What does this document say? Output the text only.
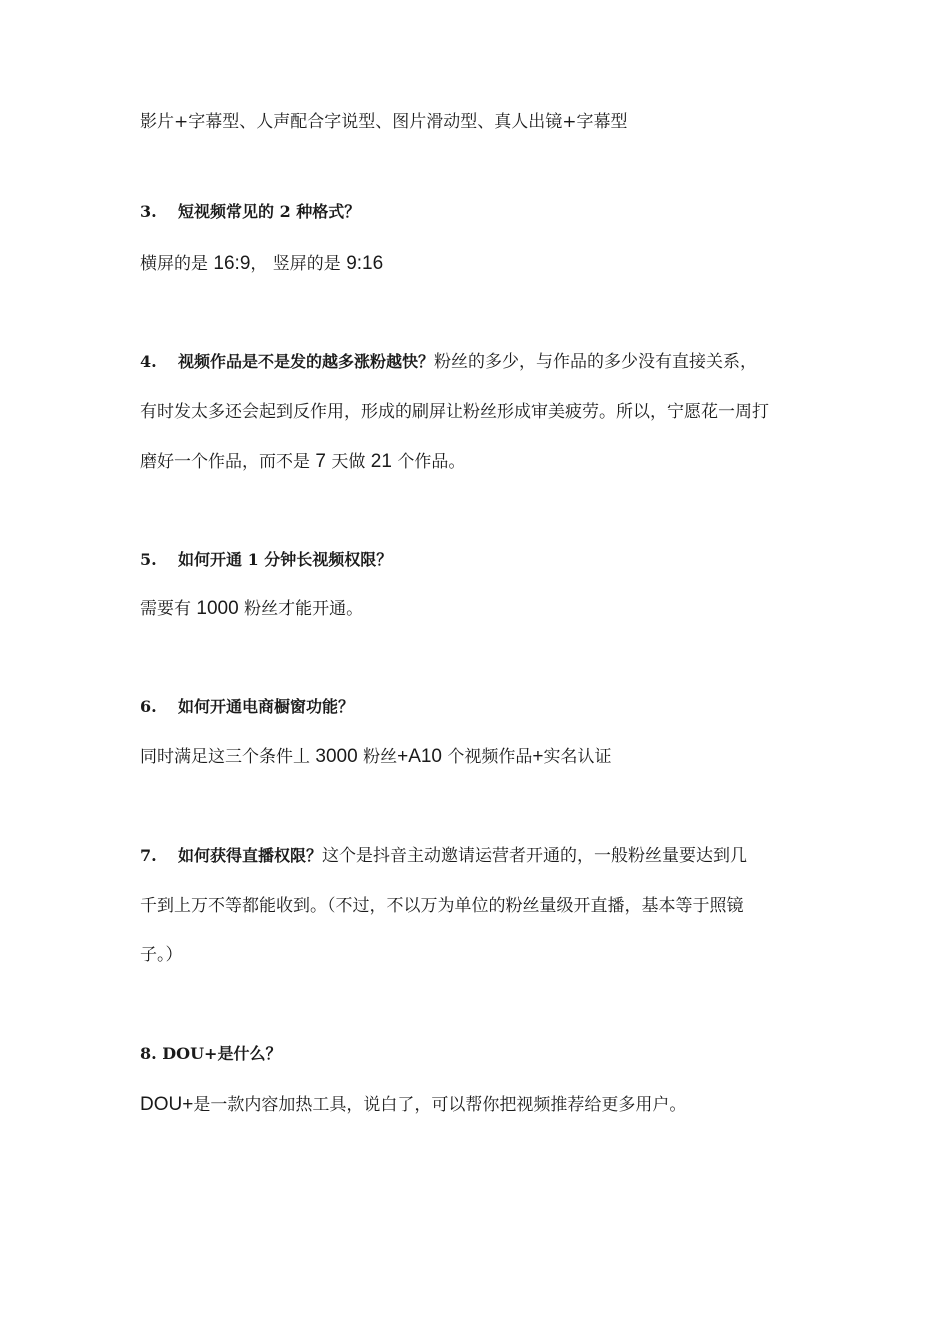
影片+字幕型、人声配合字说型、图片滑动型、真人出镜+字幕型
3. 短视频常见的 2 种格式？
横屏的是 16:9， 竖屏的是 9:16
4. 视频作品是不是发的越多涨粉越快？粉丝的多少，与作品的多少没有直接关系，
有时发太多还会起到反作用，形成的刷屏让粉丝形成审美疲劳。所以，宁愿花一周打
磨好一个作品，而不是 7 天做 21 个作品。
5. 如何开通 1 分钟长视频权限？
需要有 1000 粉丝才能开通。
6. 如何开通电商橱窗功能？
同时满足这三个条件丄 3000 粉丝+A10 个视频作品+实名认证
7. 如何获得直播权限？这个是抖音主动邀请运营者开通的，一般粉丝量要达到几
千到上万不等都能收到。（不过，不以万为单位的粉丝量级开直播，基本等于照镜
子。）
8. DOU+是什么？
DOU+是一款内容加热工具，说白了，可以帮你把视频推荐给更多用户。
